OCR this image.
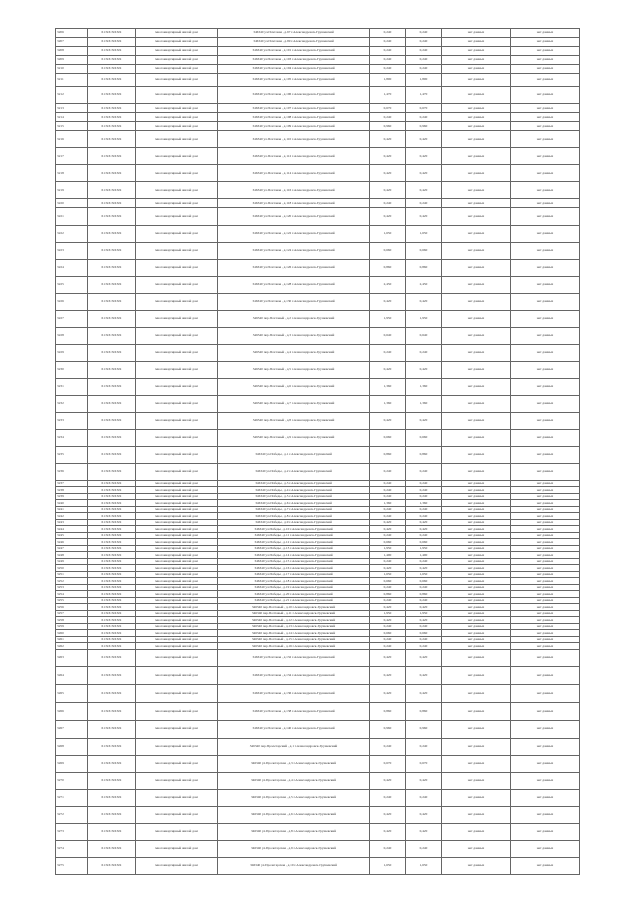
3206	61:XX:XXXX	многоквартирный жилой дом	346340 ул.Почтовая , д.97 г.Александровск-Грушевский	0,240	0,240	нет данных	нет данных
3207	61:XX:XXXX	многоквартирный жилой дом	346340 ул.Почтовая , д.99 г.Александровск-Грушевский	0,240	0,240	нет данных	нет данных
3208	61:XX:XXXX	многоквартирный жилой дом	346340 ул.Почтовая , д.101 г.Александровск-Грушевский	0,240	0,240	нет данных	нет данных
3209	61:XX:XXXX	многоквартирный жилой дом	346340 ул.Почтовая , д.103 г.Александровск-Грушевский	0,240	0,240	нет данных	нет данных
3210	61:XX:XXXX	многоквартирный жилой дом	346340 ул.Почтовая , д.104 г.Александровск-Грушевский	0,240	0,240	нет данных	нет данных
3211	61:XX:XXXX	многоквартирный жилой дом	346340 ул.Почтовая , д.105 г.Александровск-Грушевский	1,800	1,800	нет данных	нет данных
3212	61:XX:XXXX	многоквартирный жилой дом	346340 ул.Почтовая , д.106 г.Александровск-Грушевский	1,470	1,470	нет данных	нет данных
3213	61:XX:XXXX	многоквартирный жилой дом	346340 ул.Почтовая , д.107 г.Александровск-Грушевский	0,670	0,670	нет данных	нет данных
3214	61:XX:XXXX	многоквартирный жилой дом	346340 ул.Почтовая , д.108 г.Александровск-Грушевский	0,240	0,240	нет данных	нет данных
3215	61:XX:XXXX	многоквартирный жилой дом	346340 ул.Почтовая , д.109 г.Александровск-Грушевский	0,960	0,960	нет данных	нет данных
3216	61:XX:XXXX	многоквартирный жилой дом	346340 ул.Почтовая , д.110 г.Александровск-Грушевский	0,420	0,420	нет данных	нет данных
3217	61:XX:XXXX	многоквартирный жилой дом	346340 ул.Почтовая , д.112 г.Александровск-Грушевский	0,420	0,420	нет данных	нет данных
3218	61:XX:XXXX	многоквартирный жилой дом	346340 ул.Почтовая , д.114 г.Александровск-Грушевский	0,420	0,420	нет данных	нет данных
3219	61:XX:XXXX	многоквартирный жилой дом	346340 ул.Почтовая , д.116 г.Александровск-Грушевский	0,420	0,420	нет данных	нет данных
3220	61:XX:XXXX	многоквартирный жилой дом	346340 ул.Почтовая , д.118 г.Александровск-Грушевский	0,240	0,240	нет данных	нет данных
3221	61:XX:XXXX	многоквартирный жилой дом	346340 ул.Почтовая , д.120 г.Александровск-Грушевский	0,420	0,420	нет данных	нет данных
3222	61:XX:XXXX	многоквартирный жилой дом	346340 ул.Почтовая , д.122 г.Александровск-Грушевский	1,650	1,650	нет данных	нет данных
3223	61:XX:XXXX	многоквартирный жилой дом	346340 ул.Почтовая , д.124 г.Александровск-Грушевский	0,660	0,660	нет данных	нет данных
3224	61:XX:XXXX	многоквартирный жилой дом	346340 ул.Почтовая , д.126 г.Александровск-Грушевский	0,860	0,860	нет данных	нет данных
3225	61:XX:XXXX	многоквартирный жилой дом	346340 ул.Почтовая , д.128 г.Александровск-Грушевский	2,450	2,450	нет данных	нет данных
3226	61:XX:XXXX	многоквартирный жилой дом	346340 ул.Почтовая , д.130 г.Александровск-Грушевский	0,420	0,420	нет данных	нет данных
3227	61:XX:XXXX	многоквартирный жилой дом	346340 пер.Почтовый , д.2 г.Александровск-Грушевский	1,950	1,950	нет данных	нет данных
3228	61:XX:XXXX	многоквартирный жилой дом	346340 пер.Почтовый , д.3 г.Александровск-Грушевский	0,640	0,640	нет данных	нет данных
3229	61:XX:XXXX	многоквартирный жилой дом	346340 пер.Почтовый , д.4 г.Александровск-Грушевский	0,240	0,240	нет данных	нет данных
3230	61:XX:XXXX	многоквартирный жилой дом	346340 пер.Почтовый , д.5 г.Александровск-Грушевский	0,420	0,420	нет данных	нет данных
3231	61:XX:XXXX	многоквартирный жилой дом	346340 пер.Почтовый , д.6 г.Александровск-Грушевский	1,360	1,360	нет данных	нет данных
3232	61:XX:XXXX	многоквартирный жилой дом	346340 пер.Почтовый , д.7 г.Александровск-Грушевский	1,360	1,360	нет данных	нет данных
3233	61:XX:XXXX	многоквартирный жилой дом	346340 пер.Почтовый , д.8 г.Александровск-Грушевский	0,420	0,420	нет данных	нет данных
3234	61:XX:XXXX	многоквартирный жилой дом	346340 пер.Почтовый , д.9 г.Александровск-Грушевский	0,660	0,660	нет данных	нет данных
3235	61:XX:XXXX	многоквартирный жилой дом	346340 ул.Победы , д.1 г.Александровск-Грушевский	0,860	0,860	нет данных	нет данных
3236	61:XX:XXXX	многоквартирный жилой дом	346340 ул.Победы , д.2 г.Александровск-Грушевский	0,240	0,240	нет данных	нет данных
3237	61:XX:XXXX	многоквартирный жилой дом	346340 ул.Победы , д.3 г.Александровск-Грушевский	0,240	0,240	нет данных	нет данных
3238	61:XX:XXXX	многоквартирный жилой дом	346340 ул.Победы , д.4 г.Александровск-Грушевский	0,240	0,240	нет данных	нет данных
3239	61:XX:XXXX	многоквартирный жилой дом	346340 ул.Победы , д.5 г.Александровск-Грушевский	0,240	0,240	нет данных	нет данных
3240	61:XX:XXXX	многоквартирный жилой дом	346340 ул.Победы , д.6 г.Александровск-Грушевский	1,360	1,360	нет данных	нет данных
3241	61:XX:XXXX	многоквартирный жилой дом	346340 ул.Победы , д.7 г.Александровск-Грушевский	0,240	0,240	нет данных	нет данных
3242	61:XX:XXXX	многоквартирный жилой дом	346340 ул.Победы , д.8 г.Александровск-Грушевский	0,240	0,240	нет данных	нет данных
3243	61:XX:XXXX	многоквартирный жилой дом	346340 ул.Победы , д.9 г.Александровск-Грушевский	0,420	0,420	нет данных	нет данных
3244	61:XX:XXXX	многоквартирный жилой дом	346340 ул.Победы , д.10 г.Александровск-Грушевский	0,420	0,420	нет данных	нет данных
3245	61:XX:XXXX	многоквартирный жилой дом	346340 ул.Победы , д.11 г.Александровск-Грушевский	0,240	0,240	нет данных	нет данных
3246	61:XX:XXXX	многоквартирный жилой дом	346340 ул.Победы , д.12 г.Александровск-Грушевский	0,660	0,660	нет данных	нет данных
3247	61:XX:XXXX	многоквартирный жилой дом	346340 ул.Победы , д.13 г.Александровск-Грушевский	1,950	1,950	нет данных	нет данных
3248	61:XX:XXXX	многоквартирный жилой дом	346340 ул.Победы , д.14 г.Александровск-Грушевский	1,490	1,490	нет данных	нет данных
3249	61:XX:XXXX	многоквартирный жилой дом	346340 ул.Победы , д.15 г.Александровск-Грушевский	0,240	0,240	нет данных	нет данных
3250	61:XX:XXXX	многоквартирный жилой дом	346340 ул.Победы , д.16 г.Александровск-Грушевский	0,420	0,420	нет данных	нет данных
3251	61:XX:XXXX	многоквартирный жилой дом	346340 ул.Победы , д.17 г.Александровск-Грушевский	1,650	1,650	нет данных	нет данных
3252	61:XX:XXXX	многоквартирный жилой дом	346340 ул.Победы , д.18 г.Александровск-Грушевский	0,660	0,660	нет данных	нет данных
3253	61:XX:XXXX	многоквартирный жилой дом	346340 ул.Победы , д.19 г.Александровск-Грушевский	0,240	0,240	нет данных	нет данных
3254	61:XX:XXXX	многоквартирный жилой дом	346340 ул.Победы , д.20 г.Александровск-Грушевский	0,860	0,860	нет данных	нет данных
3255	61:XX:XXXX	многоквартирный жилой дом	346340 ул.Победы , д.21 г.Александровск-Грушевский	0,240	0,240	нет данных	нет данных
3256	61:XX:XXXX	многоквартирный жилой дом	346340 пер.Почтовый , д.10 г.Александровск-Грушевский	0,420	0,420	нет данных	нет данных
3257	61:XX:XXXX	многоквартирный жилой дом	346340 пер.Почтовый , д.11 г.Александровск-Грушевский	1,950	1,950	нет данных	нет данных
3258	61:XX:XXXX	многоквартирный жилой дом	346340 пер.Почтовый , д.12 г.Александровск-Грушевский	0,420	0,420	нет данных	нет данных
3259	61:XX:XXXX	многоквартирный жилой дом	346340 пер.Почтовый , д.13 г.Александровск-Грушевский	0,240	0,240	нет данных	нет данных
3260	61:XX:XXXX	многоквартирный жилой дом	346340 пер.Почтовый , д.14 г.Александровск-Грушевский	0,660	0,660	нет данных	нет данных
3261	61:XX:XXXX	многоквартирный жилой дом	346340 пер.Почтовый , д.15 г.Александровск-Грушевский	0,240	0,240	нет данных	нет данных
3262	61:XX:XXXX	многоквартирный жилой дом	346340 пер.Почтовый , д.16 г.Александровск-Грушевский	0,240	0,240	нет данных	нет данных
3263	61:XX:XXXX	многоквартирный жилой дом	346340 ул.Почтовая , д.132 г.Александровск-Грушевский	0,420	0,420	нет данных	нет данных
3264	61:XX:XXXX	многоквартирный жилой дом	346340 ул.Почтовая , д.134 г.Александровск-Грушевский	0,420	0,420	нет данных	нет данных
3265	61:XX:XXXX	многоквартирный жилой дом	346340 ул.Почтовая , д.136 г.Александровск-Грушевский	0,420	0,420	нет данных	нет данных
3266	61:XX:XXXX	многоквартирный жилой дом	346340 ул.Почтовая , д.138 г.Александровск-Грушевский	0,860	0,860	нет данных	нет данных
3267	61:XX:XXXX	многоквартирный жилой дом	346340 ул.Почтовая , д.140 г.Александровск-Грушевский	0,960	0,960	нет данных	нет данных
3268	61:XX:XXXX	многоквартирный жилой дом	346340 пер.Пролетарский , д.1 г.Александровск-Грушевский	0,240	0,240	нет данных	нет данных
3269	61:XX:XXXX	многоквартирный жилой дом	346340 ул.Пролетарская , д.3 г.Александровск-Грушевский	0,670	0,670	нет данных	нет данных
3270	61:XX:XXXX	многоквартирный жилой дом	346340 ул.Пролетарская , д.4 г.Александровск-Грушевский	0,420	0,420	нет данных	нет данных
3271	61:XX:XXXX	многоквартирный жилой дом	346340 ул.Пролетарская , д.5 г.Александровск-Грушевский	0,240	0,240	нет данных	нет данных
3272	61:XX:XXXX	многоквартирный жилой дом	346340 ул.Пролетарская , д.6 г.Александровск-Грушевский	0,420	0,420	нет данных	нет данных
3273	61:XX:XXXX	многоквартирный жилой дом	346340 ул.Пролетарская , д.8 г.Александровск-Грушевский	0,420	0,420	нет данных	нет данных
3274	61:XX:XXXX	многоквартирный жилой дом	346340 ул.Пролетарская , д.9 г.Александровск-Грушевский	0,240	0,240	нет данных	нет данных
3275	61:XX:XXXX	многоквартирный жилой дом	346340 ул.Пролетарская , д.10 г.Александровск-Грушевский	1,650	1,650	нет данных	нет данных
